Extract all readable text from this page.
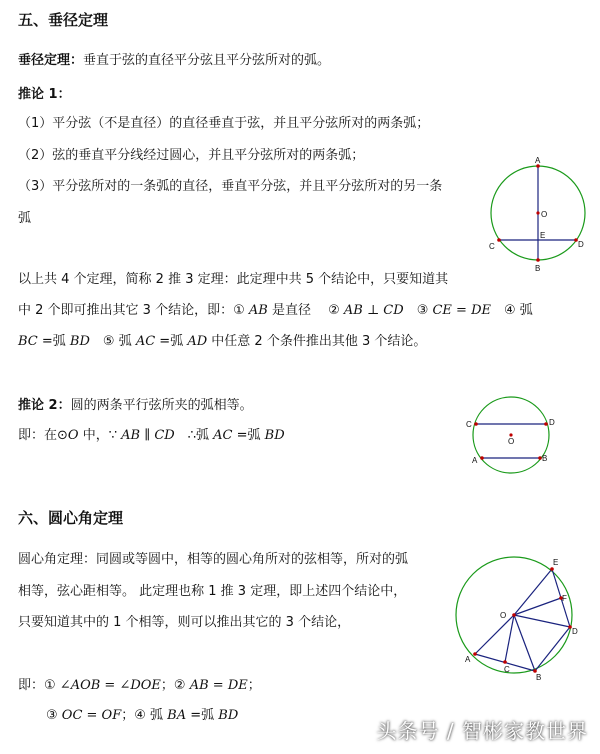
五、垂径定理
垂径定理：垂直于弦的直径平分弦且平分弦所对的弧。
推论 1：
（1）平分弦（不是直径）的直径垂直于弦，并且平分弦所对的两条弧；
（2）弦的垂直平分线经过圆心，并且平分弦所对的两条弧；
（3）平分弦所对的一条弧的直径，垂直平分弦，并且平分弦所对的另一条
弧
以上共 4 个定理，简称 2 推 3 定理：此定理中共 5 个结论中，只要知道其
中 2 个即可推出其它 3 个结论，即：① AB 是直径　 ② AB ⊥ CD　③ CE = DE　④ 弧
BC =弧 BD　⑤ 弧 AC =弧 AD 中任意 2 个条件推出其他 3 个结论。
推论 2：圆的两条平行弦所夹的弧相等。
即：在⊙O 中，∵ AB ∥ CD　∴弧 AC =弧 BD
A
O
E
C	D
B
C	D
O
A	B
六、圆心角定理
圆心角定理：同圆或等圆中，相等的圆心角所对的弦相等，所对的弧
相等，弦心距相等。 此定理也称 1 推 3 定理，即上述四个结论中，
只要知道其中的 1 个相等，则可以推出其它的 3 个结论，
即：① ∠AOB = ∠DOE；② AB = DE；
③ OC = OF；④ 弧 BA =弧 BD
E
F
O
D
A
C
B
头条号 / 智彬家教世界
